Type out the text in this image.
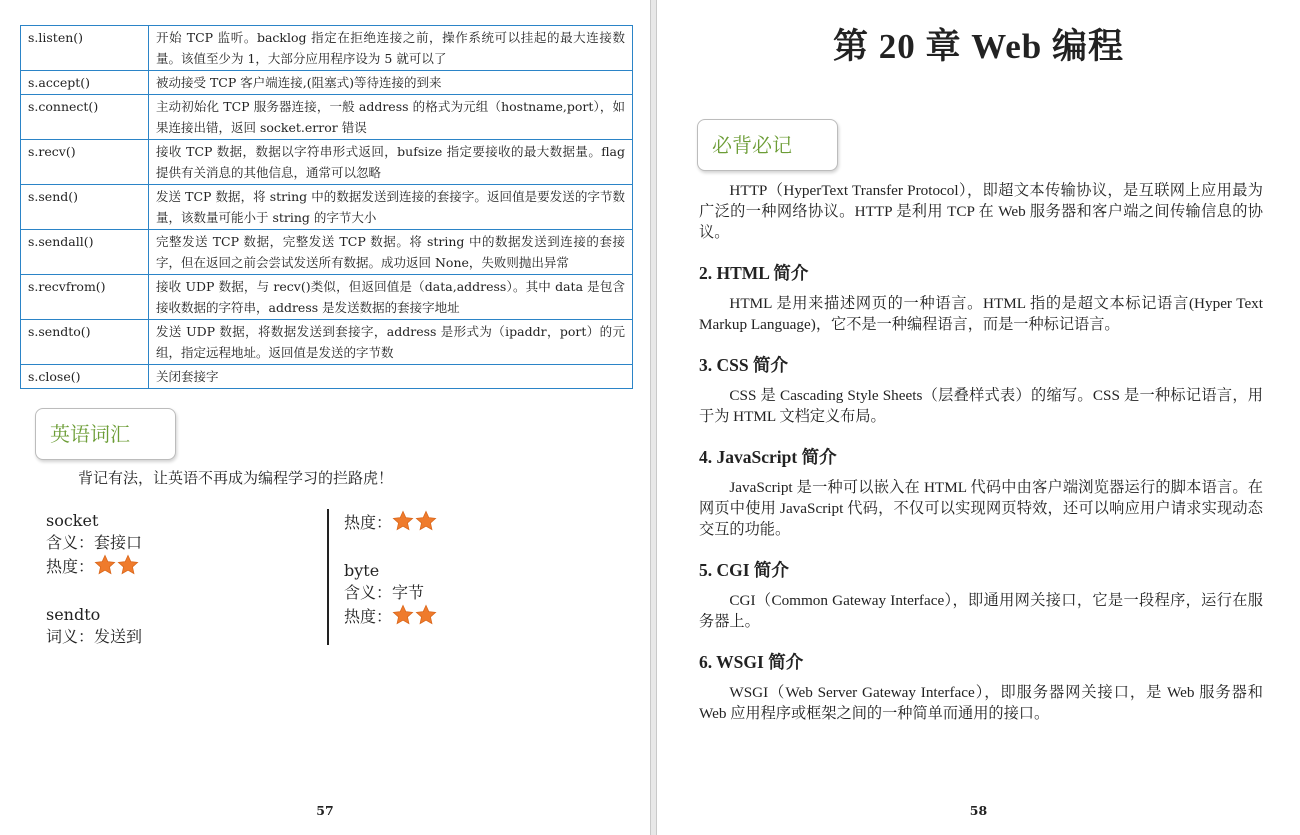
s.listen()	开始 TCP 监听。backlog 指定在拒绝连接之前，操作系统可以挂起的最大连接数量。该值至少为 1，大部分应用程序设为 5 就可以了
s.accept()	被动接受 TCP 客户端连接,(阻塞式)等待连接的到来
s.connect()	主动初始化 TCP 服务器连接，一般 address 的格式为元组（hostname,port），如果连接出错，返回 socket.error 错误
s.recv()	接收 TCP 数据，数据以字符串形式返回，bufsize 指定要接收的最大数据量。flag 提供有关消息的其他信息，通常可以忽略
s.send()	发送 TCP 数据，将 string 中的数据发送到连接的套接字。返回值是要发送的字节数量，该数量可能小于 string 的字节大小
s.sendall()	完整发送 TCP 数据，完整发送 TCP 数据。将 string 中的数据发送到连接的套接字，但在返回之前会尝试发送所有数据。成功返回 None，失败则抛出异常
s.recvfrom()	接收 UDP 数据，与 recv()类似，但返回值是（data,address）。其中 data 是包含接收数据的字符串，address 是发送数据的套接字地址
s.sendto()	发送 UDP 数据，将数据发送到套接字，address 是形式为（ipaddr，port）的元组，指定远程地址。返回值是发送的字节数
s.close()	关闭套接字
英语词汇
背记有法，让英语不再成为编程学习的拦路虎！
socket
含义：套接口
热度：
sendto
词义：发送到
热度：
byte
含义：字节
热度：
57
第 20 章 Web 编程
必背必记

HTTP（HyperText Transfer Protocol），即超文本传输协议，是互联网上应用最为广泛的一种网络协议。HTTP 是利用 TCP 在 Web 服务器和客户端之间传输信息的协议。

2. HTML 简介

HTML 是用来描述网页的一种语言。HTML 指的是超文本标记语言(Hyper Text Markup Language)，它不是一种编程语言，而是一种标记语言。

3. CSS 简介

CSS 是 Cascading Style Sheets（层叠样式表）的缩写。CSS 是一种标记语言，用于为 HTML 文档定义布局。

4. JavaScript 简介

JavaScript 是一种可以嵌入在 HTML 代码中由客户端浏览器运行的脚本语言。在网页中使用 JavaScript 代码，不仅可以实现网页特效，还可以响应用户请求实现动态交互的功能。

5. CGI 简介

CGI（Common Gateway Interface），即通用网关接口，它是一段程序，运行在服务器上。

6. WSGI 简介

WSGI（Web Server Gateway Interface），即服务器网关接口，是 Web 服务器和 Web 应用程序或框架之间的一种简单而通用的接口。

58
